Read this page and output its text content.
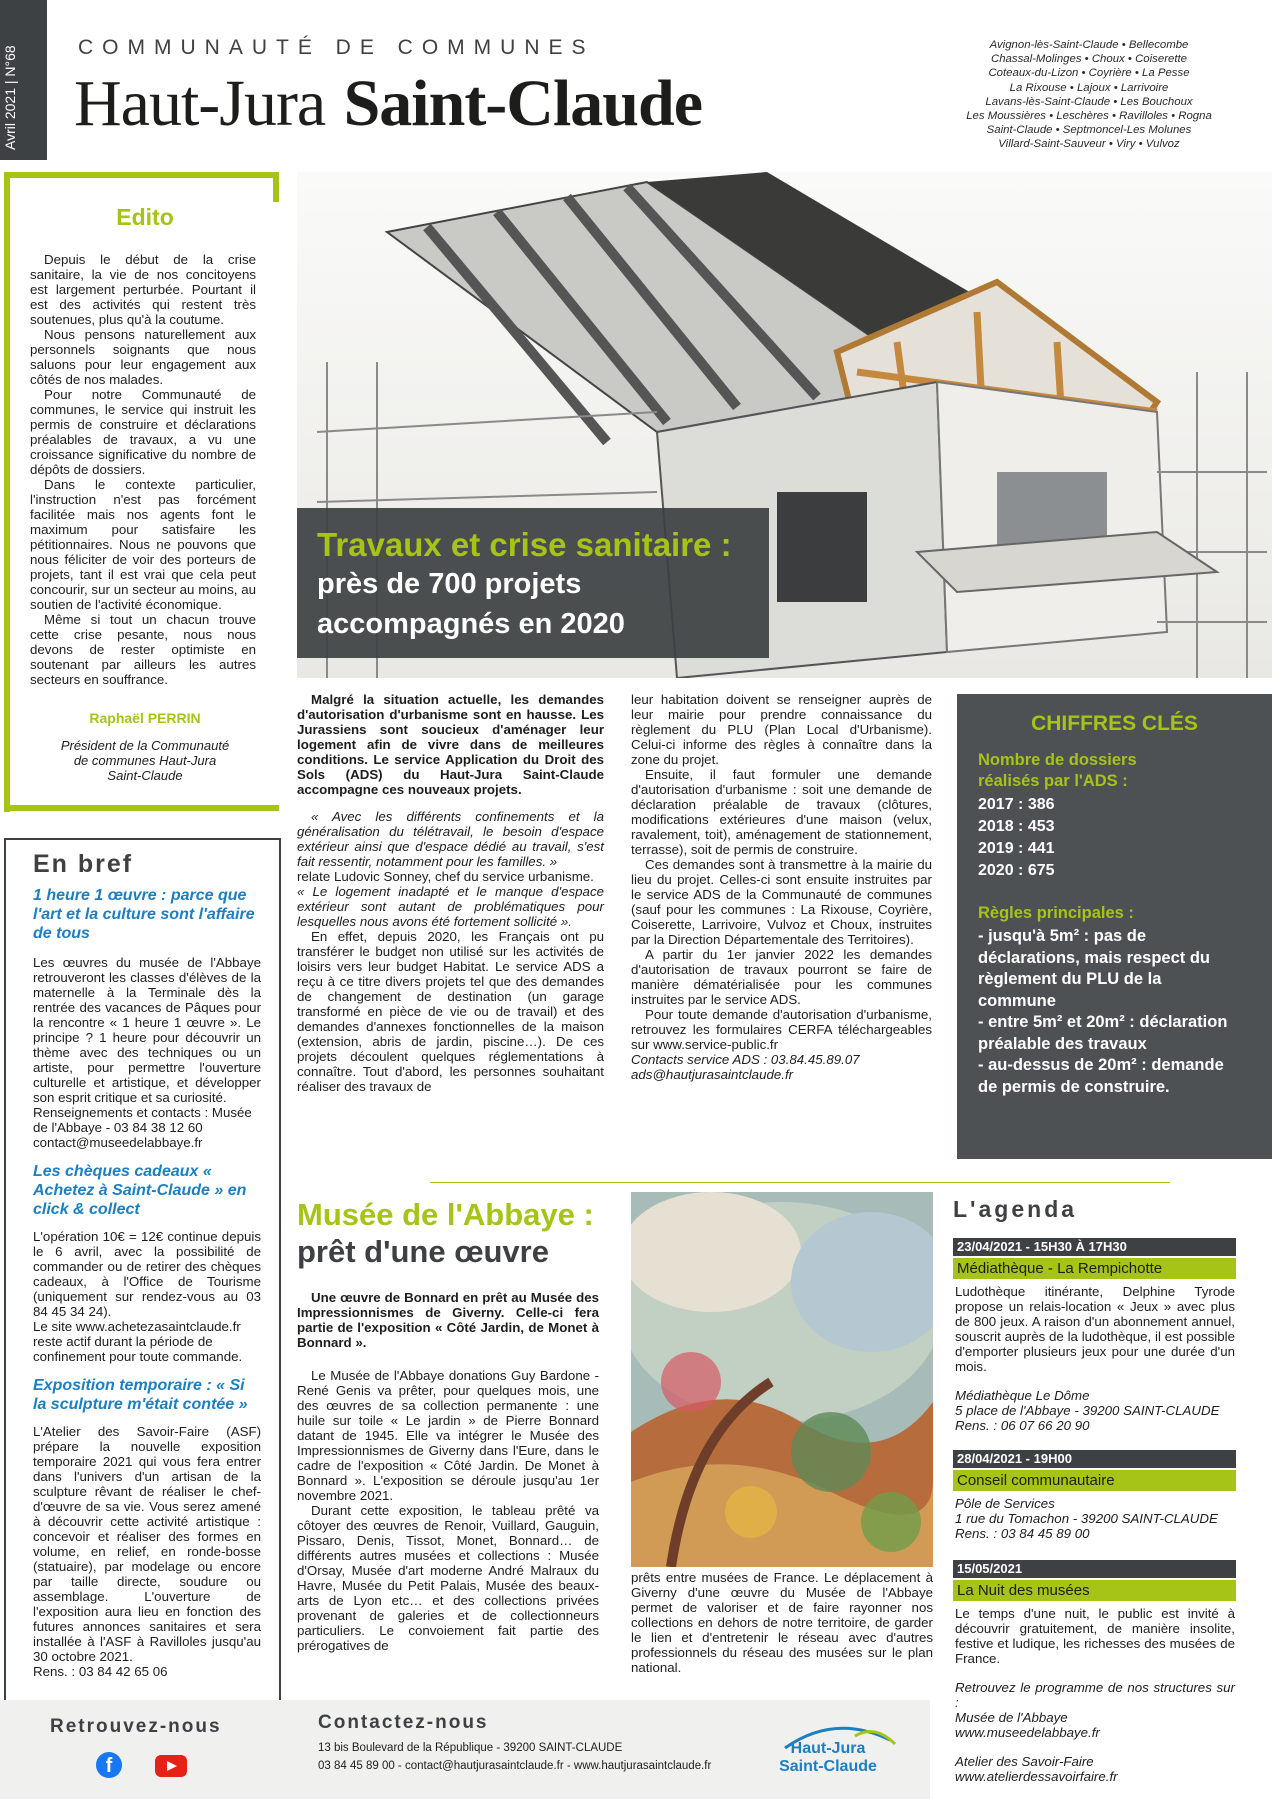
Avril 2021 | N°68	COMMUNAUTÉ DE COMMUNES
Haut-Jura Saint-Claude
Avignon-lès-Saint-Claude • Bellecombe
Chassal-Molinges • Choux • Coiserette
Coteaux-du-Lizon • Coyrière • La Pesse
La Rixouse • Lajoux • Larrivoire
Lavans-lès-Saint-Claude • Les Bouchoux
Les Moussières • Leschères • Ravilloles • Rogna
Saint-Claude • Septmoncel-Les Molunes
Villard-Saint-Sauveur • Viry • Vulvoz
Edito

Depuis le début de la crise sanitaire, la vie de nos concitoyens est largement perturbée. Pourtant il est des activités qui restent très soutenues, plus qu'à la coutume.

Nous pensons naturellement aux personnels soignants que nous saluons pour leur engagement aux côtés de nos malades.

Pour notre Communauté de communes, le service qui instruit les permis de construire et déclarations préalables de travaux, a vu une croissance significative du nombre de dépôts de dossiers.

Dans le contexte particulier, l'instruction n'est pas forcément facilitée mais nos agents font le maximum pour satisfaire les pétitionnaires. Nous ne pouvons que nous féliciter de voir des porteurs de projets, tant il est vrai que cela peut concourir, sur un secteur au moins, au soutien de l'activité économique.

Même si tout un chacun trouve cette crise pesante, nous nous devons de rester optimiste en soutenant par ailleurs les autres secteurs en souffrance.

Raphaël PERRIN
Président de la Communauté de communes Haut-Jura Saint-Claude
En bref
1 heure 1 œuvre : parce que l'art et la culture sont l'affaire de tous

Les œuvres du musée de l'Abbaye retrouveront les classes d'élèves de la maternelle à la Terminale dès la rentrée des vacances de Pâques pour la rencontre « 1 heure 1 œuvre ». Le principe ? 1 heure pour découvrir un thème avec des techniques ou un artiste, pour permettre l'ouverture culturelle et artistique, et développer son esprit critique et sa curiosité.

Renseignements et contacts : Musée de l'Abbaye - 03 84 38 12 60 contact@museedelabbaye.fr

Les chèques cadeaux « Achetez à Saint-Claude » en click & collect

L'opération 10€ = 12€ continue depuis le 6 avril, avec la possibilité de commander ou de retirer des chèques cadeaux, à l'Office de Tourisme (uniquement sur rendez-vous au 03 84 45 34 24).

Le site www.achetezasaintclaude.fr reste actif durant la période de confinement pour toute commande.

Exposition temporaire : « Si la sculpture m'était contée »

L'Atelier des Savoir-Faire (ASF) prépare la nouvelle exposition temporaire 2021 qui vous fera entrer dans l'univers d'un artisan de la sculpture rêvant de réaliser le chef-d'œuvre de sa vie. Vous serez amené à découvrir cette activité artistique : concevoir et réaliser des formes en volume, en relief, en ronde-bosse (statuaire), par modelage ou encore par taille directe, soudure ou assemblage. L'ouverture de l'exposition aura lieu en fonction des futures annonces sanitaires et sera installée à l'ASF à Ravilloles jusqu'au 30 octobre 2021.

Rens. : 03 84 42 65 06

Travaux et crise sanitaire :
près de 700 projets
accompagnés en 2020

Malgré la situation actuelle, les demandes d'autorisation d'urbanisme sont en hausse. Les Jurassiens sont soucieux d'aménager leur logement afin de vivre dans de meilleures conditions. Le service Application du Droit des Sols (ADS) du Haut-Jura Saint-Claude accompagne ces nouveaux projets.

« Avec les différents confinements et la généralisation du télétravail, le besoin d'espace extérieur ainsi que d'espace dédié au travail, s'est fait ressentir, notamment pour les familles. »

relate Ludovic Sonney, chef du service urbanisme.

« Le logement inadapté et le manque d'espace extérieur sont autant de problématiques pour lesquelles nous avons été fortement sollicité ».

En effet, depuis 2020, les Français ont pu transférer le budget non utilisé sur les activités de loisirs vers leur budget Habitat. Le service ADS a reçu à ce titre divers projets tel que des demandes de changement de destination (un garage transformé en pièce de vie ou de travail) et des demandes d'annexes fonctionnelles de la maison (extension, abris de jardin, piscine…). De ces projets découlent quelques réglementations à connaître. Tout d'abord, les personnes souhaitant réaliser des travaux de

leur habitation doivent se renseigner auprès de leur mairie pour prendre connaissance du règlement du PLU (Plan Local d'Urbanisme). Celui-ci informe des règles à connaître dans la zone du projet.

Ensuite, il faut formuler une demande d'autorisation d'urbanisme : soit une demande de déclaration préalable de travaux (clôtures, modifications extérieures d'une maison (velux, ravalement, toit), aménagement de stationnement, terrasse), soit de permis de construire.

Ces demandes sont à transmettre à la mairie du lieu du projet. Celles-ci sont ensuite instruites par le service ADS de la Communauté de communes (sauf pour les communes : La Rixouse, Coyrière, Coiserette, Larrivoire, Vulvoz et Choux, instruites par la Direction Départementale des Territoires).

A partir du 1er janvier 2022 les demandes d'autorisation de travaux pourront se faire de manière dématérialisée pour les communes instruites par le service ADS.

Pour toute demande d'autorisation d'urbanisme, retrouvez les formulaires CERFA téléchargeables sur www.service-public.fr

Contacts service ADS : 03.84.45.89.07

ads@hautjurasaintclaude.fr

CHIFFRES CLÉS
Nombre de dossiers réalisés par l'ADS :
2017 : 386
2018 : 453
2019 : 441
2020 : 675
Règles principales :
- jusqu'à 5m² : pas de déclarations, mais respect du règlement du PLU de la commune
- entre 5m² et 20m² : déclaration préalable des travaux
- au-dessus de 20m² : demande de permis de construire.
Musée de l'Abbaye :
prêt d'une œuvre

Une œuvre de Bonnard en prêt au Musée des Impressionnismes de Giverny. Celle-ci fera partie de l'exposition « Côté Jardin, de Monet à Bonnard ».

Le Musée de l'Abbaye donations Guy Bardone - René Genis va prêter, pour quelques mois, une des œuvres de sa collection permanente : une huile sur toile « Le jardin » de Pierre Bonnard datant de 1945. Elle va intégrer le Musée des Impressionnismes de Giverny dans l'Eure, dans le cadre de l'exposition « Côté Jardin. De Monet à Bonnard ». L'exposition se déroule jusqu'au 1er novembre 2021.

Durant cette exposition, le tableau prêté va côtoyer des œuvres de Renoir, Vuillard, Gauguin, Pissaro, Denis, Tissot, Monet, Bonnard… de différents autres musées et collections : Musée d'Orsay, Musée d'art moderne André Malraux du Havre, Musée du Petit Palais, Musée des beaux-arts de Lyon etc… et des collections privées provenant de galeries et de collectionneurs particuliers. Le convoiement fait partie des prérogatives de

prêts entre musées de France. Le déplacement à Giverny d'une œuvre du Musée de l'Abbaye permet de valoriser et de faire rayonner nos collections en dehors de notre territoire, de garder le lien et d'entretenir le réseau avec d'autres professionnels du réseau des musées sur le plan national.

L'agenda
23/04/2021 - 15H30 À 17H30
Médiathèque - La Rempichotte

Ludothèque itinérante, Delphine Tyrode propose un relais-location « Jeux » avec plus de 800 jeux. A raison d'un abonnement annuel, souscrit auprès de la ludothèque, il est possible d'emporter plusieurs jeux pour une durée d'un mois.

Médiathèque Le Dôme

5 place de l'Abbaye - 39200 SAINT-CLAUDE

Rens. : 06 07 66 20 90

28/04/2021 - 19H00
Conseil communautaire

Pôle de Services

1 rue du Tomachon - 39200 SAINT-CLAUDE

Rens. : 03 84 45 89 00

15/05/2021
La Nuit des musées

Le temps d'une nuit, le public est invité à découvrir gratuitement, de manière insolite, festive et ludique, les richesses des musées de France.

Retrouvez le programme de nos structures sur :

Musée de l'Abbaye

www.museedelabbaye.fr

Atelier des Savoir-Faire

www.atelierdessavoirfaire.fr

Retrouvez-nous
f
Contactez-nous
13 bis Boulevard de la République - 39200 SAINT-CLAUDE
03 84 45 89 00 - contact@hautjurasaintclaude.fr - www.hautjurasaintclaude.fr
Haut-Jura
Saint-Claude
